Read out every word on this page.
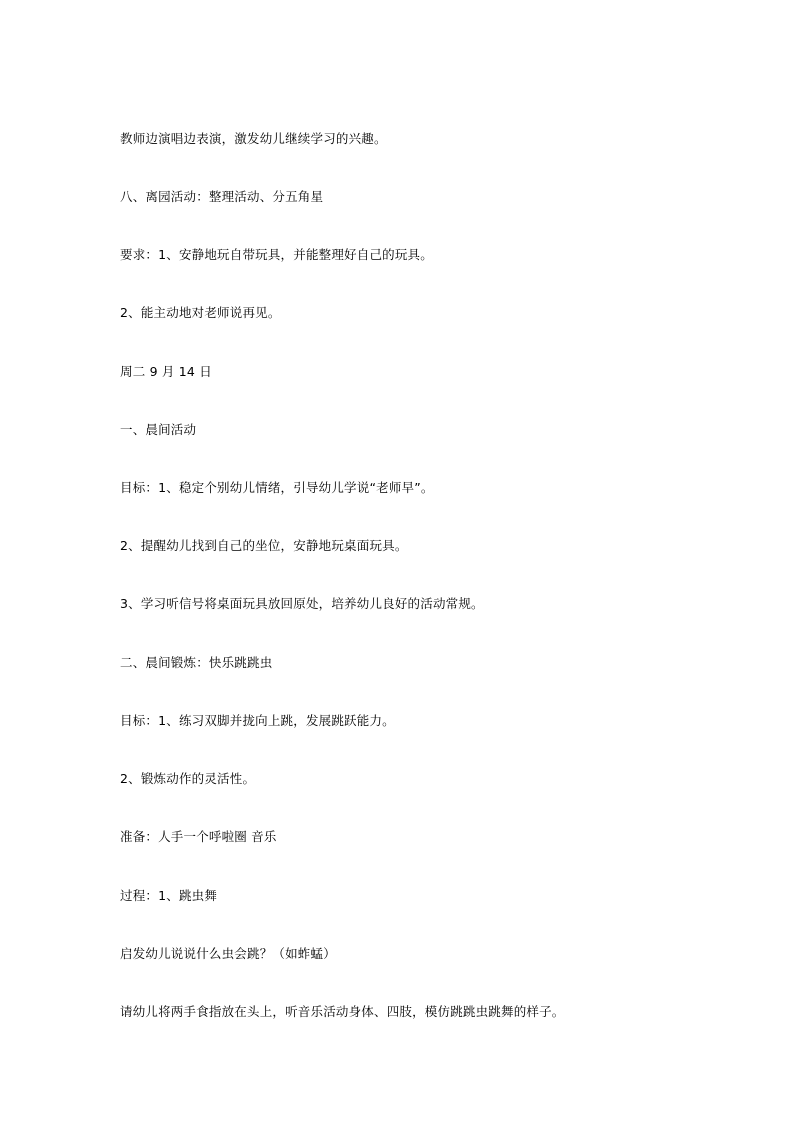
教师边演唱边表演，激发幼儿继续学习的兴趣。
八、离园活动：整理活动、分五角星
要求：1、安静地玩自带玩具，并能整理好自己的玩具。
2、能主动地对老师说再见。
周二 9 月 14 日
一、晨间活动
目标：1、稳定个别幼儿情绪，引导幼儿学说“老师早”。
2、提醒幼儿找到自己的坐位，安静地玩桌面玩具。
3、学习听信号将桌面玩具放回原处，培养幼儿良好的活动常规。
二、晨间锻炼：快乐跳跳虫
目标：1、练习双脚并拢向上跳，发展跳跃能力。
2、锻炼动作的灵活性。
准备：人手一个呼啦圈 音乐
过程：1、跳虫舞
启发幼儿说说什么虫会跳？（如蚱蜢）
请幼儿将两手食指放在头上，听音乐活动身体、四肢，模仿跳跳虫跳舞的样子。
